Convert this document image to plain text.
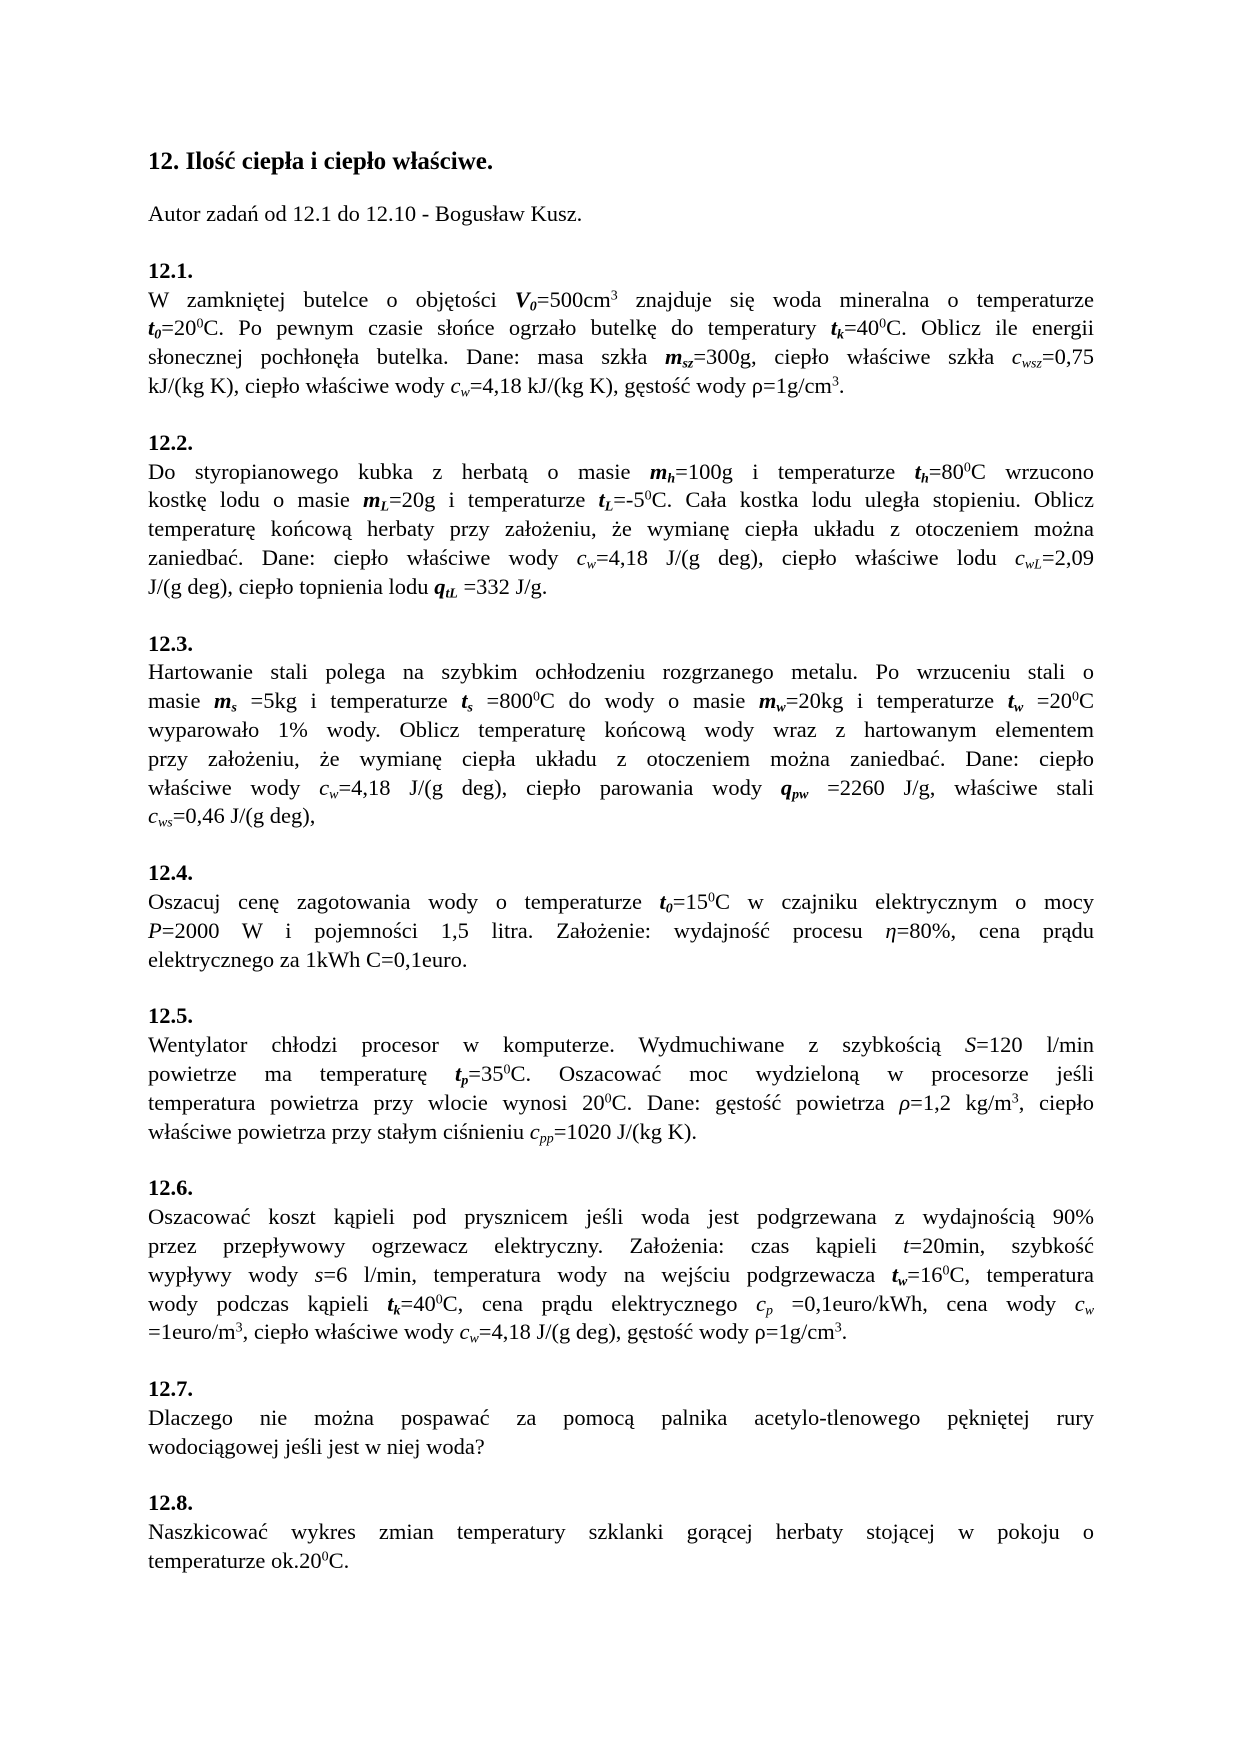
12. Ilość ciepła i ciepło właściwe.
Autor zadań od 12.1 do 12.10 - Bogusław Kusz.
12.1.
W zamkniętej butelce o objętości $V_0=500cm^3$ znajduje się woda mineralna o temperaturze
$t_0=20^0C$. Po pewnym czasie słońce ogrzało butelkę do temperatury $t_k=40^0C$. Oblicz ile energii
słonecznej pochłonęła butelka. Dane: masa szkła $m_{sz}=300g$, ciepło właściwe szkła $c_{wsz}=0,75$
kJ/(kg K), ciepło właściwe wody $c_w=4,18$ kJ/(kg K), gęstość wody $\rho=1g/cm^3$.
12.2.
Do styropianowego kubka z herbatą o masie $m_h=100g$ i temperaturze $t_h=80^0C$ wrzucono
kostkę lodu o masie $m_L=20g$ i temperaturze $t_L=-5^0C$. Cała kostka lodu uległa stopieniu. Oblicz
temperaturę końcową herbaty przy założeniu, że wymianę ciepła układu z otoczeniem można
zaniedbać. Dane: ciepło właściwe wody $c_w=4,18$ J/(g deg), ciepło właściwe lodu $c_{wL}=2,09$
J/(g deg), ciepło topnienia lodu $q_{tL} =332$ J/g.
12.3.
Hartowanie stali polega na szybkim ochłodzeniu rozgrzanego metalu. Po wrzuceniu stali o
masie $m_s =5kg$ i temperaturze $t_s =800^0C$ do wody o masie $m_w=20kg$ i temperaturze $t_w =20^0C$
wyparowało 1% wody. Oblicz temperaturę końcową wody wraz z hartowanym elementem
przy założeniu, że wymianę ciepła układu z otoczeniem można zaniedbać. Dane: ciepło
właściwe wody $c_w=4,18$ J/(g deg), ciepło parowania wody $q_{pw} =2260$ J/g, właściwe stali
$c_{ws}=0,46$ J/(g deg),
12.4.
Oszacuj cenę zagotowania wody o temperaturze $t_0=15^0C$ w czajniku elektrycznym o mocy
P=2000 W i pojemności 1,5 litra. Założenie: wydajność procesu η=80%, cena prądu
elektrycznego za 1kWh C=0,1euro.
12.5.
Wentylator chłodzi procesor w komputerze. Wydmuchiwane z szybkością S=120 l/min
powietrze ma temperaturę $t_p=35^0C$. Oszacować moc wydzieloną w procesorze jeśli
temperatura powietrza przy wlocie wynosi $20^0C$. Dane: gęstość powietrza ρ=1,2 $kg/m^3$, ciepło
właściwe powietrza przy stałym ciśnieniu $c_{pp}=1020$ J/(kg K).
12.6.
Oszacować koszt kąpieli pod prysznicem jeśli woda jest podgrzewana z wydajnością 90%
przez przepływowy ogrzewacz elektryczny. Założenia: czas kąpieli t=20min, szybkość
wypływy wody s=6 l/min, temperatura wody na wejściu podgrzewacza $t_w=16^0C$, temperatura
wody podczas kąpieli $t_k=40^0C$, cena prądu elektrycznego $c_p$ =0,1euro/kWh, cena wody $c_w$
$=1euro/m^3$, ciepło właściwe wody $c_w=4,18$ J/(g deg), gęstość wody $\rho=1g/cm^3$.
12.7.
Dlaczego nie można pospawać za pomocą palnika acetylo-tlenowego pękniętej rury
wodociągowej jeśli jest w niej woda?
12.8.
Naszkicować wykres zmian temperatury szklanki gorącej herbaty stojącej w pokoju o
temperaturze $ok.20^0C$.
